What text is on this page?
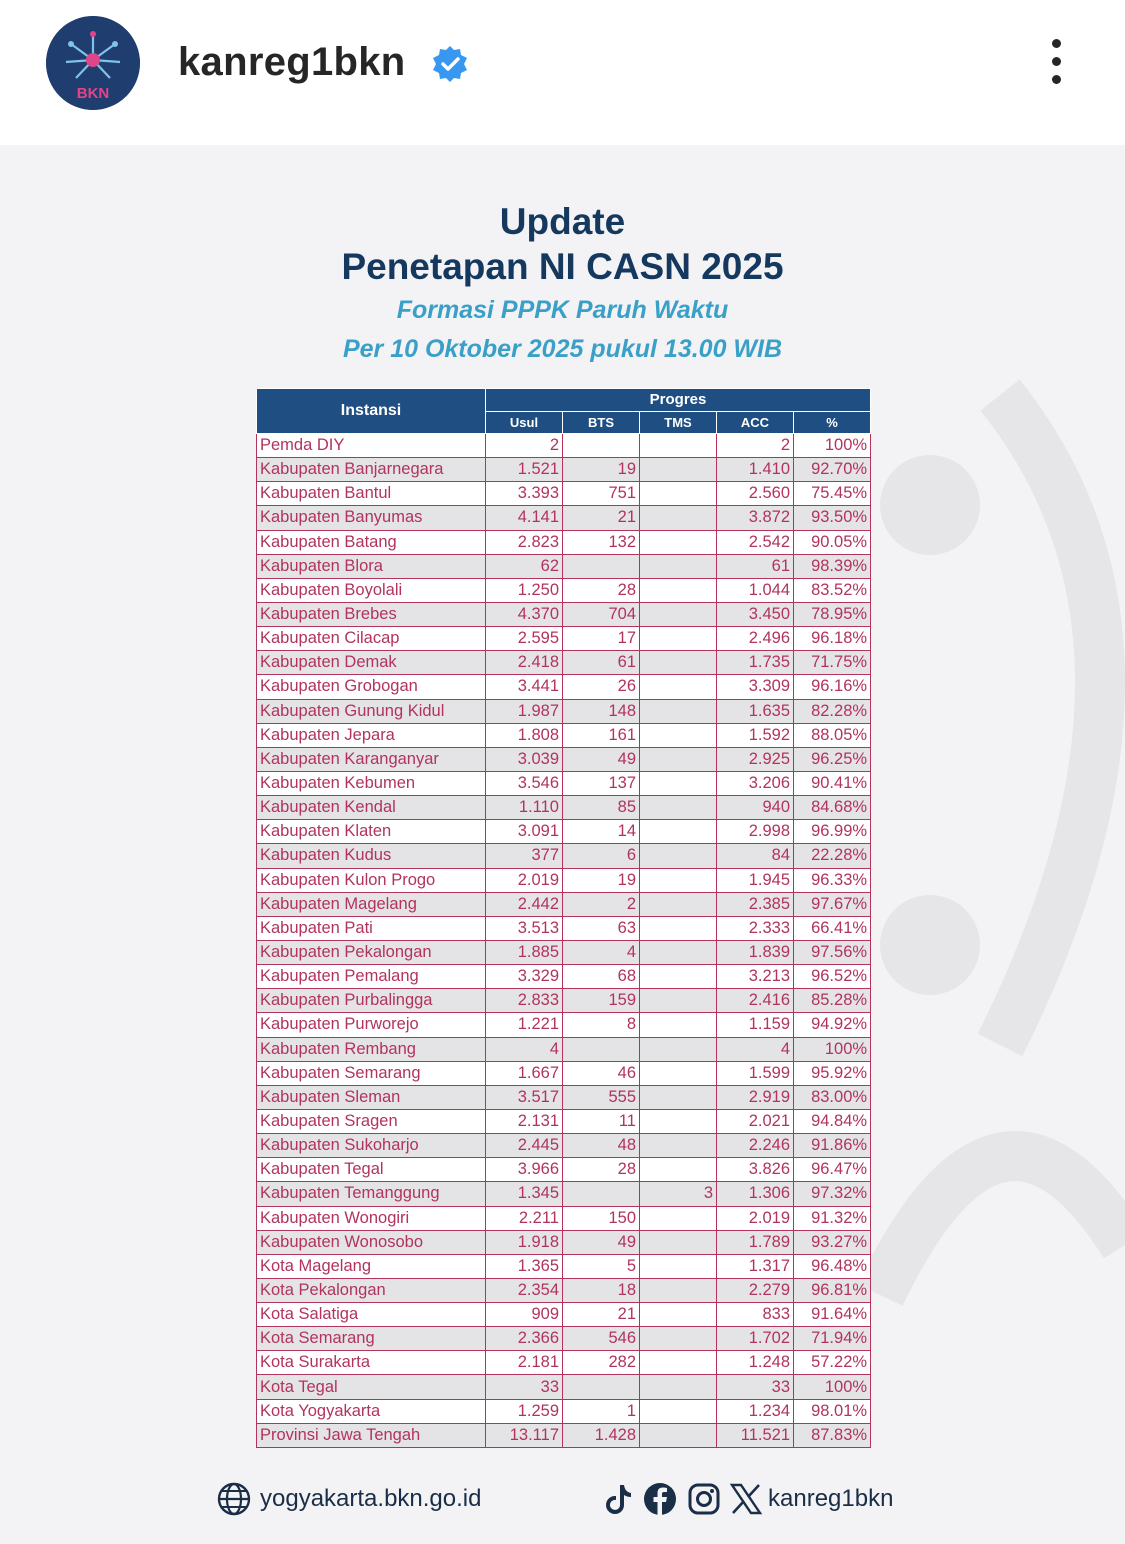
BKN
kanreg1bkn
Update
Penetapan NI CASN 2025
Formasi PPPK Paruh Waktu
Per 10 Oktober 2025 pukul 13.00 WIB
Instansi	Progres				
	Usul	BTS	TMS	ACC	%
Pemda DIY	2			2	100%
Kabupaten Banjarnegara	1.521	19		1.410	92.70%
Kabupaten Bantul	3.393	751		2.560	75.45%
Kabupaten Banyumas	4.141	21		3.872	93.50%
Kabupaten Batang	2.823	132		2.542	90.05%
Kabupaten Blora	62			61	98.39%
Kabupaten Boyolali	1.250	28		1.044	83.52%
Kabupaten Brebes	4.370	704		3.450	78.95%
Kabupaten Cilacap	2.595	17		2.496	96.18%
Kabupaten Demak	2.418	61		1.735	71.75%
Kabupaten Grobogan	3.441	26		3.309	96.16%
Kabupaten Gunung Kidul	1.987	148		1.635	82.28%
Kabupaten Jepara	1.808	161		1.592	88.05%
Kabupaten Karanganyar	3.039	49		2.925	96.25%
Kabupaten Kebumen	3.546	137		3.206	90.41%
Kabupaten Kendal	1.110	85		940	84.68%
Kabupaten Klaten	3.091	14		2.998	96.99%
Kabupaten Kudus	377	6		84	22.28%
Kabupaten Kulon Progo	2.019	19		1.945	96.33%
Kabupaten Magelang	2.442	2		2.385	97.67%
Kabupaten Pati	3.513	63		2.333	66.41%
Kabupaten Pekalongan	1.885	4		1.839	97.56%
Kabupaten Pemalang	3.329	68		3.213	96.52%
Kabupaten Purbalingga	2.833	159		2.416	85.28%
Kabupaten Purworejo	1.221	8		1.159	94.92%
Kabupaten Rembang	4			4	100%
Kabupaten Semarang	1.667	46		1.599	95.92%
Kabupaten Sleman	3.517	555		2.919	83.00%
Kabupaten Sragen	2.131	11		2.021	94.84%
Kabupaten Sukoharjo	2.445	48		2.246	91.86%
Kabupaten Tegal	3.966	28		3.826	96.47%
Kabupaten Temanggung	1.345		3	1.306	97.32%
Kabupaten Wonogiri	2.211	150		2.019	91.32%
Kabupaten Wonosobo	1.918	49		1.789	93.27%
Kota Magelang	1.365	5		1.317	96.48%
Kota Pekalongan	2.354	18		2.279	96.81%
Kota Salatiga	909	21		833	91.64%
Kota Semarang	2.366	546		1.702	71.94%
Kota Surakarta	2.181	282		1.248	57.22%
Kota Tegal	33			33	100%
Kota Yogyakarta	1.259	1		1.234	98.01%
Provinsi Jawa Tengah	13.117	1.428		11.521	87.83%
yogyakarta.bkn.go.id	kanreg1bkn
